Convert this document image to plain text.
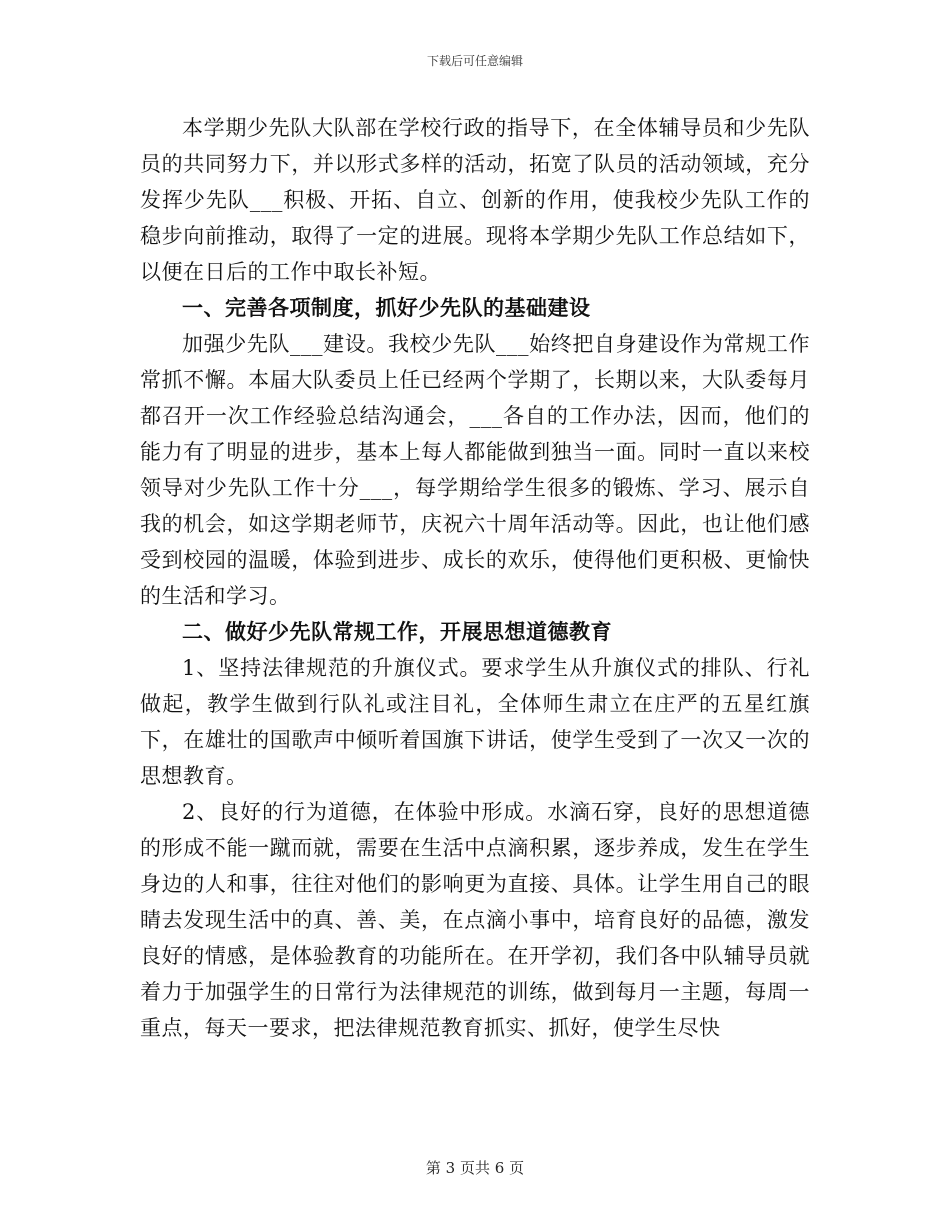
下载后可任意编辑

本学期少先队大队部在学校行政的指导下，在全体辅导员和少先队员的共同努力下，并以形式多样的活动，拓宽了队员的活动领域，充分发挥少先队___积极、开拓、自立、创新的作用，使我校少先队工作的稳步向前推动，取得了一定的进展。现将本学期少先队工作总结如下，以便在日后的工作中取长补短。

一、完善各项制度，抓好少先队的基础建设

加强少先队___建设。我校少先队___始终把自身建设作为常规工作常抓不懈。本届大队委员上任已经两个学期了，长期以来，大队委每月都召开一次工作经验总结沟通会，___各自的工作办法，因而，他们的能力有了明显的进步，基本上每人都能做到独当一面。同时一直以来校领导对少先队工作十分___，每学期给学生很多的锻炼、学习、展示自我的机会，如这学期老师节，庆祝六十周年活动等。因此，也让他们感受到校园的温暖，体验到进步、成长的欢乐，使得他们更积极、更愉快的生活和学习。

二、做好少先队常规工作，开展思想道德教育

1、坚持法律规范的升旗仪式。要求学生从升旗仪式的排队、行礼做起，教学生做到行队礼或注目礼，全体师生肃立在庄严的五星红旗下，在雄壮的国歌声中倾听着国旗下讲话，使学生受到了一次又一次的思想教育。

2、良好的行为道德，在体验中形成。水滴石穿，良好的思想道德的形成不能一蹴而就，需要在生活中点滴积累，逐步养成，发生在学生身边的人和事，往往对他们的影响更为直接、具体。让学生用自己的眼睛去发现生活中的真、善、美，在点滴小事中，培育良好的品德，激发良好的情感，是体验教育的功能所在。在开学初，我们各中队辅导员就着力于加强学生的日常行为法律规范的训练，做到每月一主题，每周一重点，每天一要求，把法律规范教育抓实、抓好，使学生尽快

第 3 页共 6 页
